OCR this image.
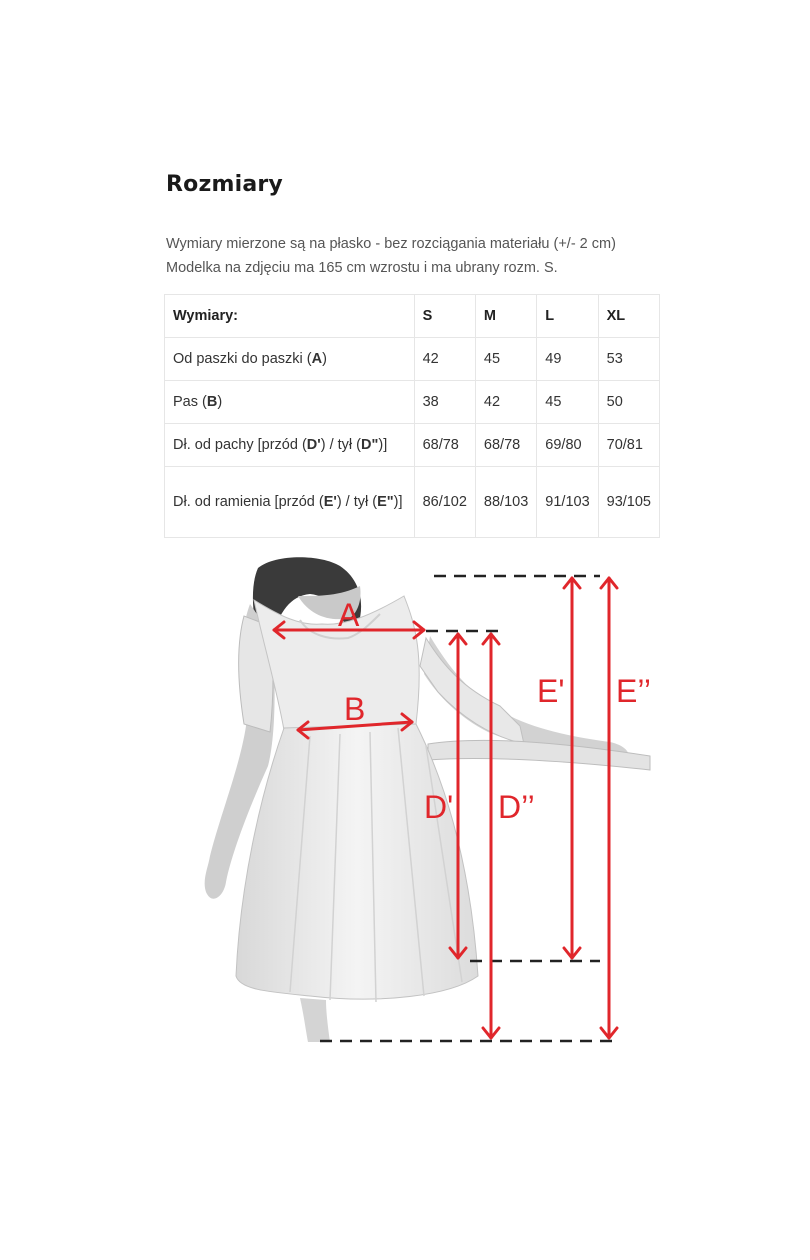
Rozmiary
Wymiary mierzone są na płasko - bez rozciągania materiału (+/- 2 cm)
Modelka na zdjęciu ma 165 cm wzrostu i ma ubrany rozm. S.
Wymiary:	S	M	L	XL
Od paszki do paszki (A)	42	45	49	53
Pas (B)	38	42	45	50
Dł. od pachy [przód (D') / tył (D")]	68/78	68/78	69/80	70/81
Dł. od ramienia [przód (E') / tył (E")]	86/102	88/103	91/103	93/105
A
B
D' D’’
E' E’’
